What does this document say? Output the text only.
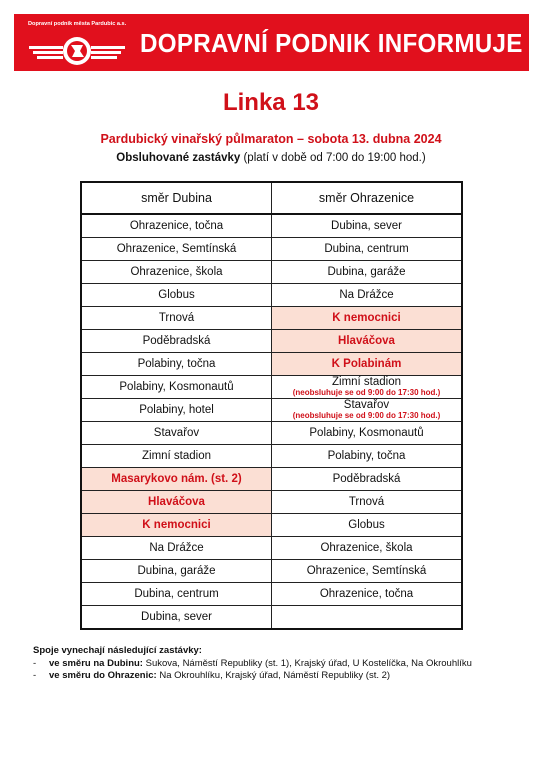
Dopravní podnik města Pardubic a.s.
DOPRAVNÍ PODNIK INFORMUJE
Linka 13
Pardubický vinařský půlmaraton – sobota 13. dubna 2024
Obsluhované zastávky (platí v době od 7:00 do 19:00 hod.)
směr Dubina	směr Ohrazenice
Ohrazenice, točna	Dubina, sever
Ohrazenice, Semtínská	Dubina, centrum
Ohrazenice, škola	Dubina, garáže
Globus	Na Drážce
Trnová	K nemocnici
Poděbradská	Hlaváčova
Polabiny, točna	K Polabinám
Polabiny, Kosmonautů	Zimní stadion
(neobsluhuje se od 9:00 do 17:30 hod.)

Polabiny, hotel	Stavařov
(neobsluhuje se od 9:00 do 17:30 hod.)

Stavařov	Polabiny, Kosmonautů
Zimní stadion	Polabiny, točna
Masarykovo nám. (st. 2)	Poděbradská
Hlaváčova	Trnová
K nemocnici	Globus
Na Drážce	Ohrazenice, škola
Dubina, garáže	Ohrazenice, Semtínská
Dubina, centrum	Ohrazenice, točna
Dubina, sever	
Spoje vynechají následující zastávky:
- ve směru na Dubinu: Sukova, Náměstí Republiky (st. 1), Krajský úřad, U Kostelíčka, Na Okrouhlíku
- ve směru do Ohrazenic: Na Okrouhlíku, Krajský úřad, Náměstí Republiky (st. 2)
